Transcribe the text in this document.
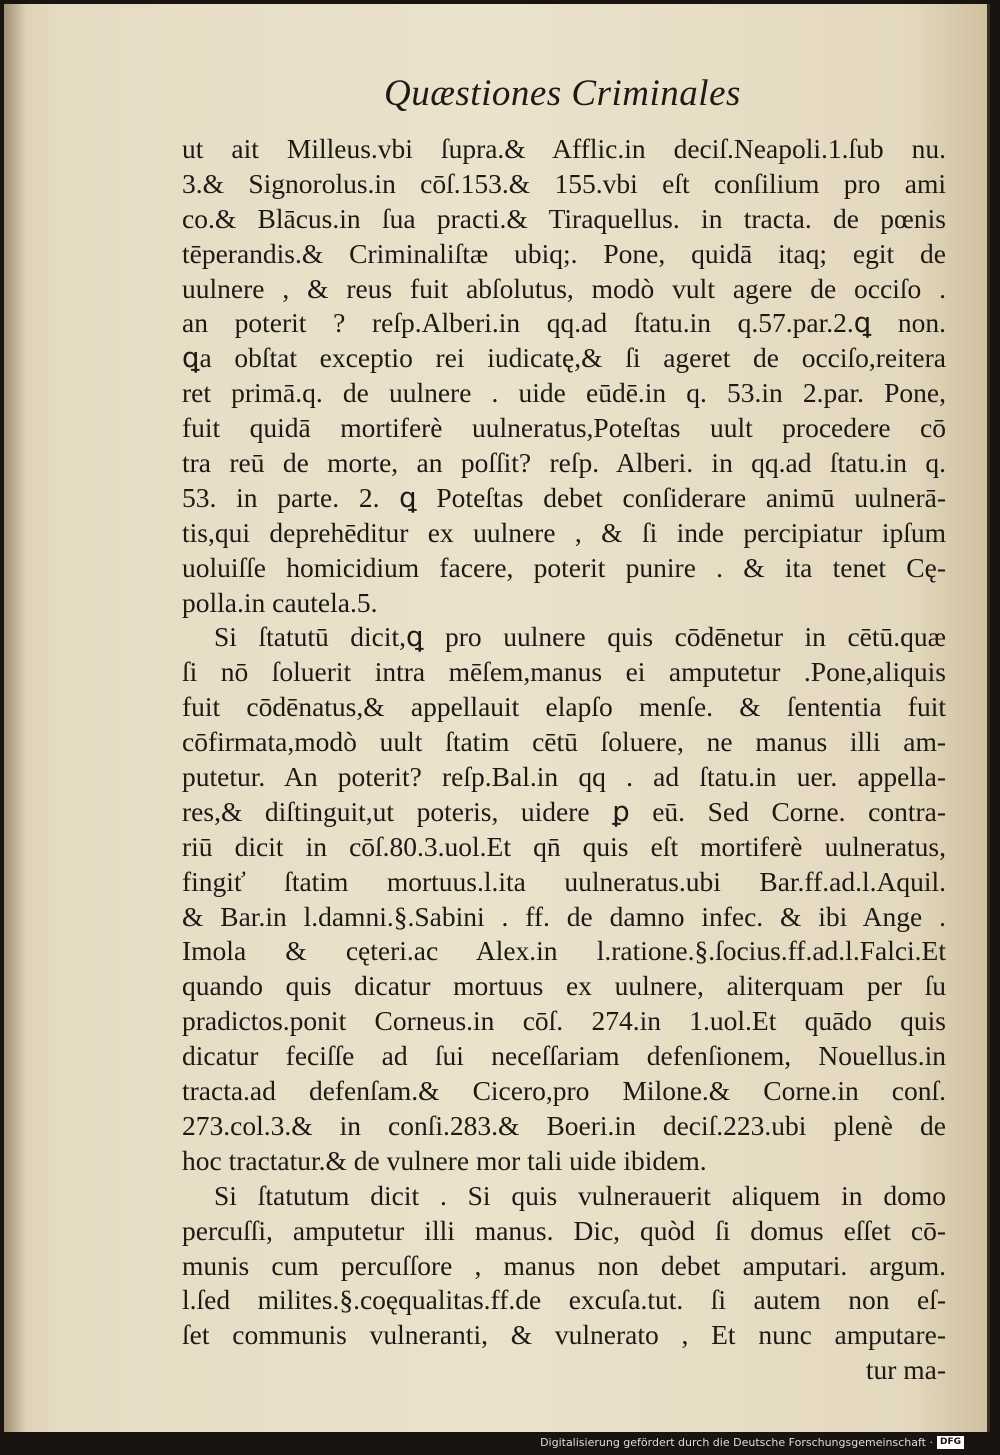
Quæstiones Criminales
ut ait Milleus.vbi ſupra.& Afflic.in deciſ.Neapoli.1.ſub nu.
3.& Signorolus.in cōſ.153.& 155.vbi eſt conſilium pro ami
co.& Blācus.in ſua practi.& Tiraquellus. in tracta. de pœnis
tēperandis.& Criminaliſtæ ubiq;. Pone, quidā itaq; egit de
uulnere , & reus fuit abſolutus, modò vult agere de occiſo .
an poterit ? reſp.Alberi.in qq.ad ſtatu.in q.57.par.2.ꝗ non.
ꝗa obſtat exceptio rei iudicatę,& ſi ageret de occiſo,reitera
ret primā.q. de uulnere . uide eūdē.in q. 53.in 2.par. Pone,
fuit quidā mortiferè uulneratus,Poteſtas uult procedere cō
tra reū de morte, an poſſit? reſp. Alberi. in qq.ad ſtatu.in q.
53. in parte. 2. ꝗ Poteſtas debet conſiderare animū uulnerā-
tis,qui deprehēditur ex uulnere , & ſi inde percipiatur ipſum
uoluiſſe homicidium facere, poterit punire . & ita tenet Cę-
polla.in cautela.5.
Si ſtatutū dicit,ꝗ pro uulnere quis cōdēnetur in cētū.quæ
ſi nō ſoluerit intra mēſem,manus ei amputetur .Pone,aliquis
fuit cōdēnatus,& appellauit elapſo menſe. & ſententia fuit
cōfirmata,modò uult ſtatim cētū ſoluere, ne manus illi am-
putetur. An poterit? reſp.Bal.in qq . ad ſtatu.in uer. appella-
res,& diſtinguit,ut poteris, uidere ꝑ eū. Sed Corne. contra-
riū dicit in cōſ.80.3.uol.Et qn̄ quis eſt mortiferè uulneratus,
fingiť ſtatim mortuus.l.ita uulneratus.ubi Bar.ff.ad.l.Aquil.
& Bar.in l.damni.§.Sabini . ff. de damno infec. & ibi Ange .
Imola & cęteri.ac Alex.in l.ratione.§.ſocius.ff.ad.l.Falci.Et
quando quis dicatur mortuus ex uulnere, aliterquam per ſu
pradictos.ponit Corneus.in cōſ. 274.in 1.uol.Et quādo quis
dicatur feciſſe ad ſui neceſſariam defenſionem, Nouellus.in
tracta.ad defenſam.& Cicero,pro Milone.& Corne.in conſ.
273.col.3.& in conſi.283.& Boeri.in deciſ.223.ubi plenè de
hoc tractatur.& de vulnere mor tali uide ibidem.
Si ſtatutum dicit . Si quis vulnerauerit aliquem in domo
percuſſi, amputetur illi manus. Dic, quòd ſi domus eſſet cō-
munis cum percuſſore , manus non debet amputari. argum.
l.ſed milites.§.coęqualitas.ff.de excuſa.tut. ſi autem non eſ-
ſet communis vulneranti, & vulnerato , Et nunc amputare-
tur ma-
Digitalisierung gefördert durch die Deutsche Forschungsgemeinschaft · DFG
